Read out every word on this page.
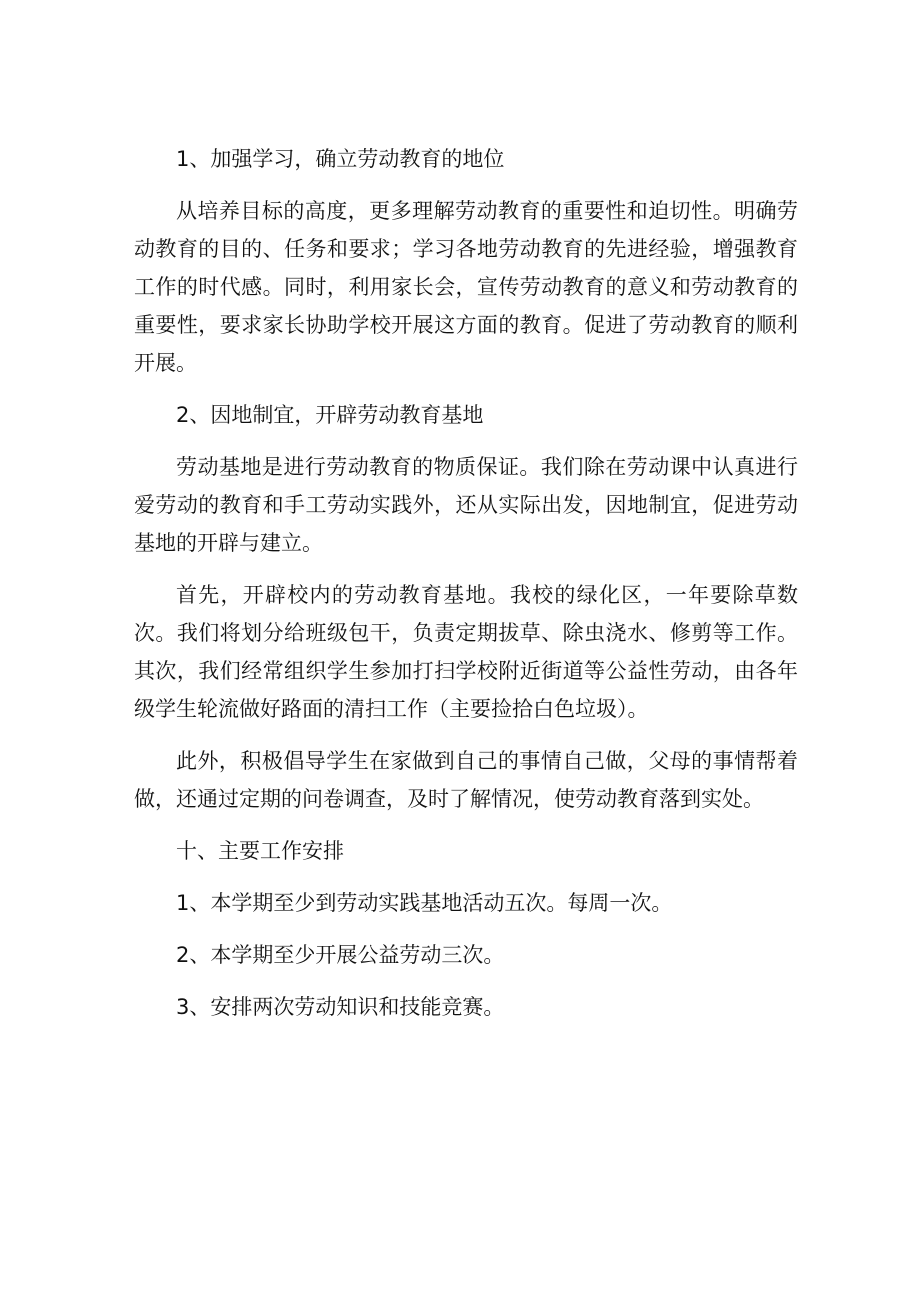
1、加强学习，确立劳动教育的地位

从培养目标的高度，更多理解劳动教育的重要性和迫切性。明确劳动教育的目的、任务和要求；学习各地劳动教育的先进经验，增强教育工作的时代感。同时，利用家长会，宣传劳动教育的意义和劳动教育的重要性，要求家长协助学校开展这方面的教育。促进了劳动教育的顺利开展。

2、因地制宜，开辟劳动教育基地

劳动基地是进行劳动教育的物质保证。我们除在劳动课中认真进行爱劳动的教育和手工劳动实践外，还从实际出发，因地制宜，促进劳动基地的开辟与建立。

首先，开辟校内的劳动教育基地。我校的绿化区，一年要除草数次。我们将划分给班级包干，负责定期拔草、除虫浇水、修剪等工作。其次，我们经常组织学生参加打扫学校附近街道等公益性劳动，由各年级学生轮流做好路面的清扫工作（主要捡拾白色垃圾）。

此外，积极倡导学生在家做到自己的事情自己做，父母的事情帮着做，还通过定期的问卷调查，及时了解情况，使劳动教育落到实处。

十、主要工作安排

1、本学期至少到劳动实践基地活动五次。每周一次。

2、本学期至少开展公益劳动三次。

3、安排两次劳动知识和技能竞赛。
